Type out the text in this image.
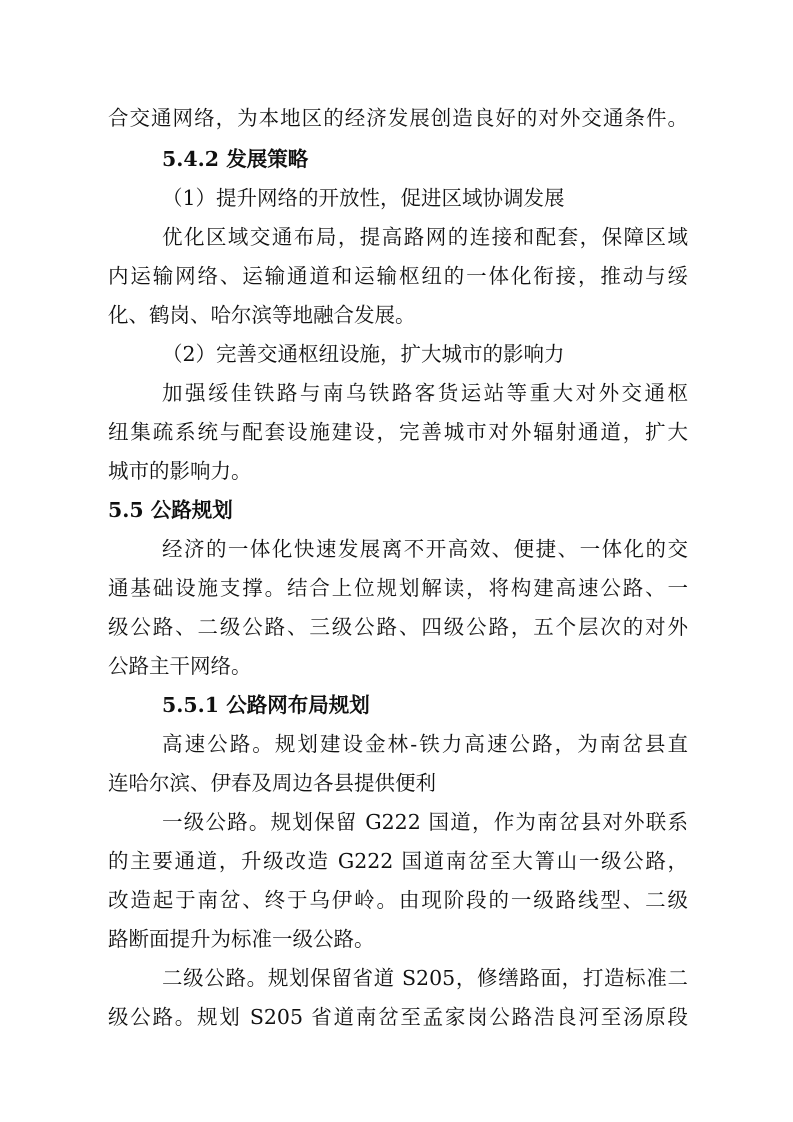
合交通网络，为本地区的经济发展创造良好的对外交通条件。
5.4.2 发展策略
（1）提升网络的开放性，促进区域协调发展
优化区域交通布局，提高路网的连接和配套，保障区域
内运输网络、运输通道和运输枢纽的一体化衔接，推动与绥
化、鹤岗、哈尔滨等地融合发展。
（2）完善交通枢纽设施，扩大城市的影响力
加强绥佳铁路与南乌铁路客货运站等重大对外交通枢
纽集疏系统与配套设施建设，完善城市对外辐射通道，扩大
城市的影响力。
5.5 公路规划
经济的一体化快速发展离不开高效、便捷、一体化的交
通基础设施支撑。结合上位规划解读，将构建高速公路、一
级公路、二级公路、三级公路、四级公路，五个层次的对外
公路主干网络。
5.5.1 公路网布局规划
高速公路。规划建设金林-铁力高速公路，为南岔县直
连哈尔滨、伊春及周边各县提供便利
一级公路。规划保留 G222 国道，作为南岔县对外联系
的主要通道，升级改造 G222 国道南岔至大箐山一级公路，
改造起于南岔、终于乌伊岭。由现阶段的一级路线型、二级
路断面提升为标准一级公路。
二级公路。规划保留省道 S205，修缮路面，打造标准二
级公路。规划 S205 省道南岔至孟家岗公路浩良河至汤原段
